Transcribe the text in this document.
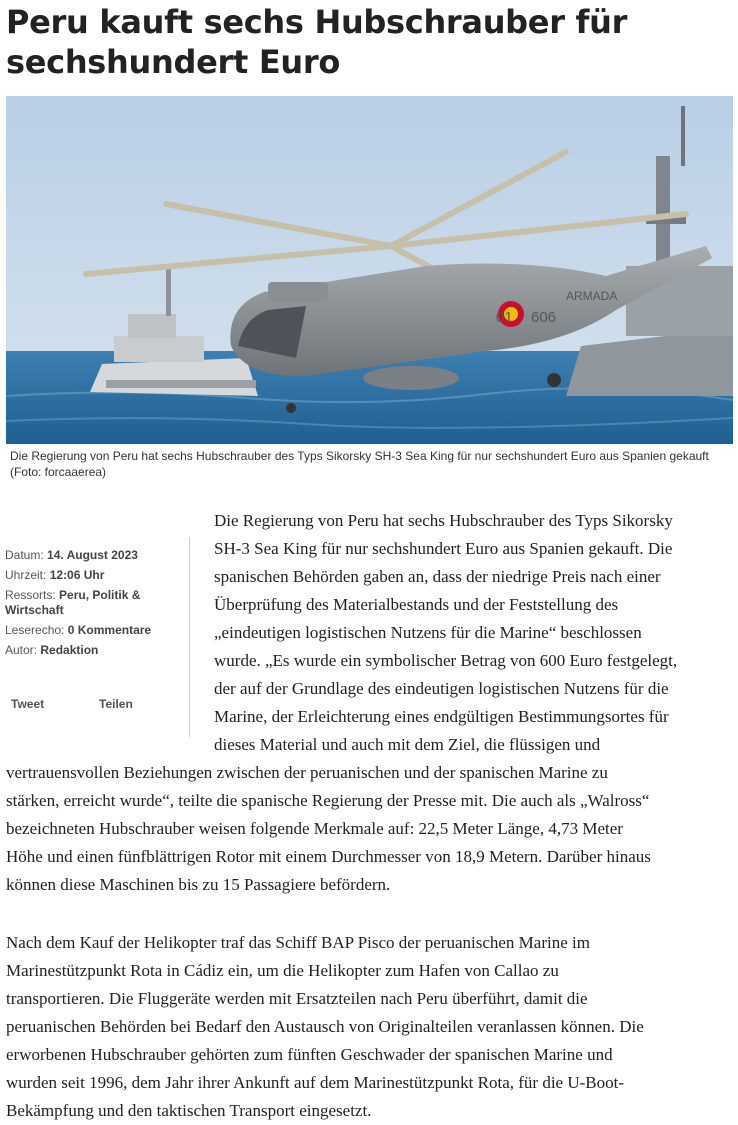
Peru kauft sechs Hubschrauber für sechshundert Euro
01 606
ARMADA
Die Regierung von Peru hat sechs Hubschrauber des Typs Sikorsky SH-3 Sea King für nur sechshundert Euro aus Spanien gekauft (Foto: forcaaerea)
Datum: 14. August 2023
Uhrzeit: 12:06 Uhr
Ressorts: Peru, Politik & Wirtschaft
Leserecho: 0 Kommentare
Autor: Redaktion
Tweet	Teilen
Die Regierung von Peru hat sechs Hubschrauber des Typs Sikorsky
SH-3 Sea King für nur sechshundert Euro aus Spanien gekauft. Die
spanischen Behörden gaben an, dass der niedrige Preis nach einer
Überprüfung des Materialbestands und der Feststellung des
„eindeutigen logistischen Nutzens für die Marine“ beschlossen
wurde. „Es wurde ein symbolischer Betrag von 600 Euro festgelegt,
der auf der Grundlage des eindeutigen logistischen Nutzens für die
Marine, der Erleichterung eines endgültigen Bestimmungsortes für
dieses Material und auch mit dem Ziel, die flüssigen und
vertrauensvollen Beziehungen zwischen der peruanischen und der spanischen Marine zu
stärken, erreicht wurde“, teilte die spanische Regierung der Presse mit. Die auch als „Walross“
bezeichneten Hubschrauber weisen folgende Merkmale auf: 22,5 Meter Länge, 4,73 Meter
Höhe und einen fünfblättrigen Rotor mit einem Durchmesser von 18,9 Metern. Darüber hinaus
können diese Maschinen bis zu 15 Passagiere befördern.
Nach dem Kauf der Helikopter traf das Schiff BAP Pisco der peruanischen Marine im
Marinestützpunkt Rota in Cádiz ein, um die Helikopter zum Hafen von Callao zu
transportieren. Die Fluggeräte werden mit Ersatzteilen nach Peru überführt, damit die
peruanischen Behörden bei Bedarf den Austausch von Originalteilen veranlassen können. Die
erworbenen Hubschrauber gehörten zum fünften Geschwader der spanischen Marine und
wurden seit 1996, dem Jahr ihrer Ankunft auf dem Marinestützpunkt Rota, für die U-Boot-
Bekämpfung und den taktischen Transport eingesetzt.
